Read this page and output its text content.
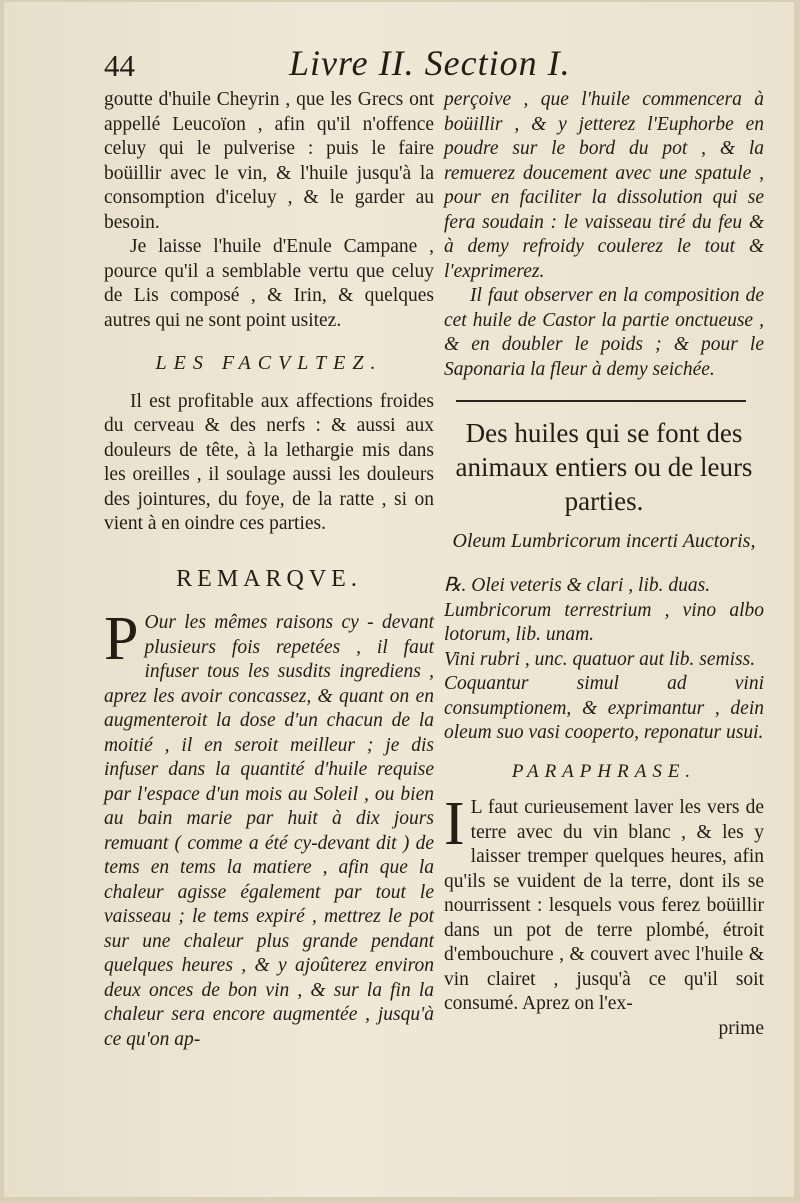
44	Livre II. Section I.

goutte d'huile Cheyrin , que les Grecs ont appellé Leucoïon , afin qu'il n'offence celuy qui le pulverise : puis le faire boüillir avec le vin, & l'huile jusqu'à la consomption d'iceluy , & le garder au besoin.

Je laisse l'huile d'Enule Campane , pource qu'il a semblable vertu que celuy de Lis composé , & Irin, & quelques autres qui ne sont point usitez.

LES FACVLTEZ.

Il est profitable aux affections froides du cerveau & des nerfs : & aussi aux douleurs de tête, à la lethargie mis dans les oreilles , il soulage aussi les douleurs des jointures, du foye, de la ratte , si on vient à en oindre ces parties.

REMARQVE.

P Our les mêmes raisons cy - devant plusieurs fois repetées , il faut infuser tous les susdits ingrediens , aprez les avoir concassez, & quant on en augmenteroit la dose d'un chacun de la moitié , il en seroit meilleur ; je dis infuser dans la quantité d'huile requise par l'espace d'un mois au Soleil , ou bien au bain marie par huit à dix jours remuant ( comme a été cy-devant dit ) de tems en tems la matiere , afin que la chaleur agisse également par tout le vaisseau ; le tems expiré , mettrez le pot sur une chaleur plus grande pendant quelques heures , & y ajoûterez environ deux onces de bon vin , & sur la fin la chaleur sera encore augmentée , jusqu'à ce qu'on ap-

perçoive , que l'huile commencera à boüillir , & y jetterez l'Euphorbe en poudre sur le bord du pot , & la remuerez doucement avec une spatule , pour en faciliter la dissolution qui se fera soudain : le vaisseau tiré du feu & à demy refroidy coulerez le tout & l'exprimerez.

Il faut observer en la composition de cet huile de Castor la partie onctueuse , & en doubler le poids ; & pour le Saponaria la fleur à demy seichée.

Des huiles qui se font des animaux entiers ou de leurs parties.
Oleum Lumbricorum incerti Auctoris,

℞. Olei veteris & clari , lib. duas.

Lumbricorum terrestrium , vino albo lotorum, lib. unam.

Vini rubri , unc. quatuor aut lib. semiss.

Coquantur simul ad vini consumptionem, & exprimantur , dein oleum suo vasi cooperto, reponatur usui.

PARAPHRASE.

I L faut curieusement laver les vers de terre avec du vin blanc , & les y laisser tremper quelques heures, afin qu'ils se vuident de la terre, dont ils se nourrissent : lesquels vous ferez boüillir dans un pot de terre plombé, étroit d'embouchure , & couvert avec l'huile & vin clairet , jusqu'à ce qu'il soit consumé. Aprez on l'ex-

prime
